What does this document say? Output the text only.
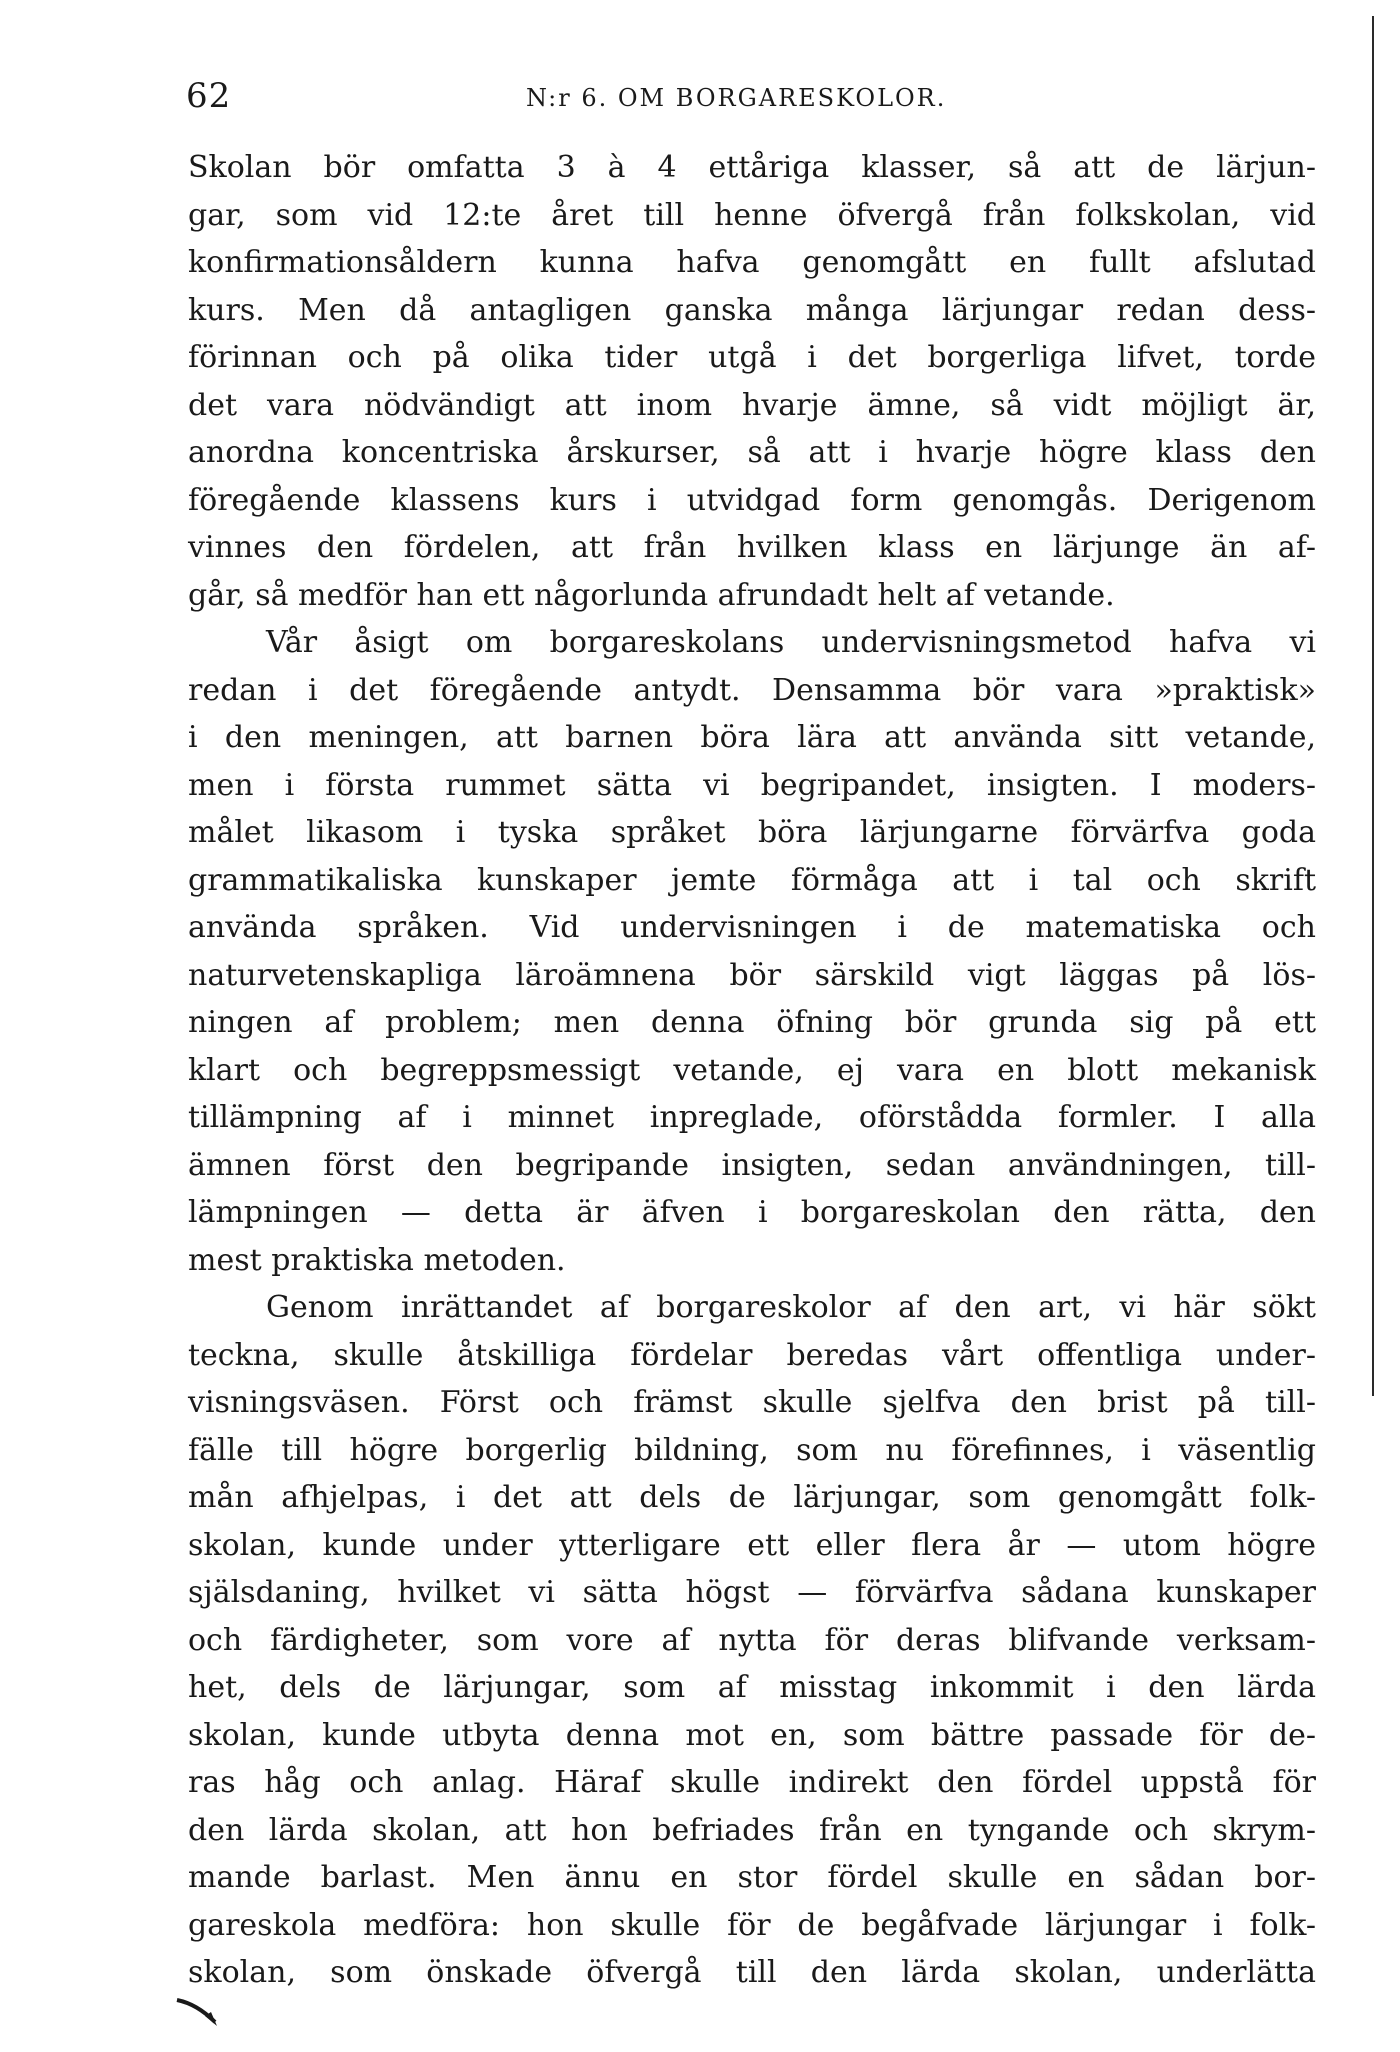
62	N:r 6. OM BORGARESKOLOR.
Skolan bör omfatta 3 à 4 ettåriga klasser, så att de lärjun-
gar, som vid 12:te året till henne öfvergå från folkskolan, vid
konfirmationsåldern kunna hafva genomgått en fullt afslutad
kurs. Men då antagligen ganska många lärjungar redan dess-
förinnan och på olika tider utgå i det borgerliga lifvet, torde
det vara nödvändigt att inom hvarje ämne, så vidt möjligt är,
anordna koncentriska årskurser, så att i hvarje högre klass den
föregående klassens kurs i utvidgad form genomgås. Derigenom
vinnes den fördelen, att från hvilken klass en lärjunge än af-
går, så medför han ett någorlunda afrundadt helt af vetande.
Vår åsigt om borgareskolans undervisningsmetod hafva vi
redan i det föregående antydt. Densamma bör vara »praktisk»
i den meningen, att barnen böra lära att använda sitt vetande,
men i första rummet sätta vi begripandet, insigten. I moders-
målet likasom i tyska språket böra lärjungarne förvärfva goda
grammatikaliska kunskaper jemte förmåga att i tal och skrift
använda språken. Vid undervisningen i de matematiska och
naturvetenskapliga läroämnena bör särskild vigt läggas på lös-
ningen af problem; men denna öfning bör grunda sig på ett
klart och begreppsmessigt vetande, ej vara en blott mekanisk
tillämpning af i minnet inpreglade, oförstådda formler. I alla
ämnen först den begripande insigten, sedan användningen, till-
lämpningen — detta är äfven i borgareskolan den rätta, den
mest praktiska metoden.
Genom inrättandet af borgareskolor af den art, vi här sökt
teckna, skulle åtskilliga fördelar beredas vårt offentliga under-
visningsväsen. Först och främst skulle sjelfva den brist på till-
fälle till högre borgerlig bildning, som nu förefinnes, i väsentlig
mån afhjelpas, i det att dels de lärjungar, som genomgått folk-
skolan, kunde under ytterligare ett eller flera år — utom högre
själsdaning, hvilket vi sätta högst — förvärfva sådana kunskaper
och färdigheter, som vore af nytta för deras blifvande verksam-
het, dels de lärjungar, som af misstag inkommit i den lärda
skolan, kunde utbyta denna mot en, som bättre passade för de-
ras håg och anlag. Häraf skulle indirekt den fördel uppstå för
den lärda skolan, att hon befriades från en tyngande och skrym-
mande barlast. Men ännu en stor fördel skulle en sådan bor-
gareskola medföra: hon skulle för de begåfvade lärjungar i folk-
skolan, som önskade öfvergå till den lärda skolan, underlätta
